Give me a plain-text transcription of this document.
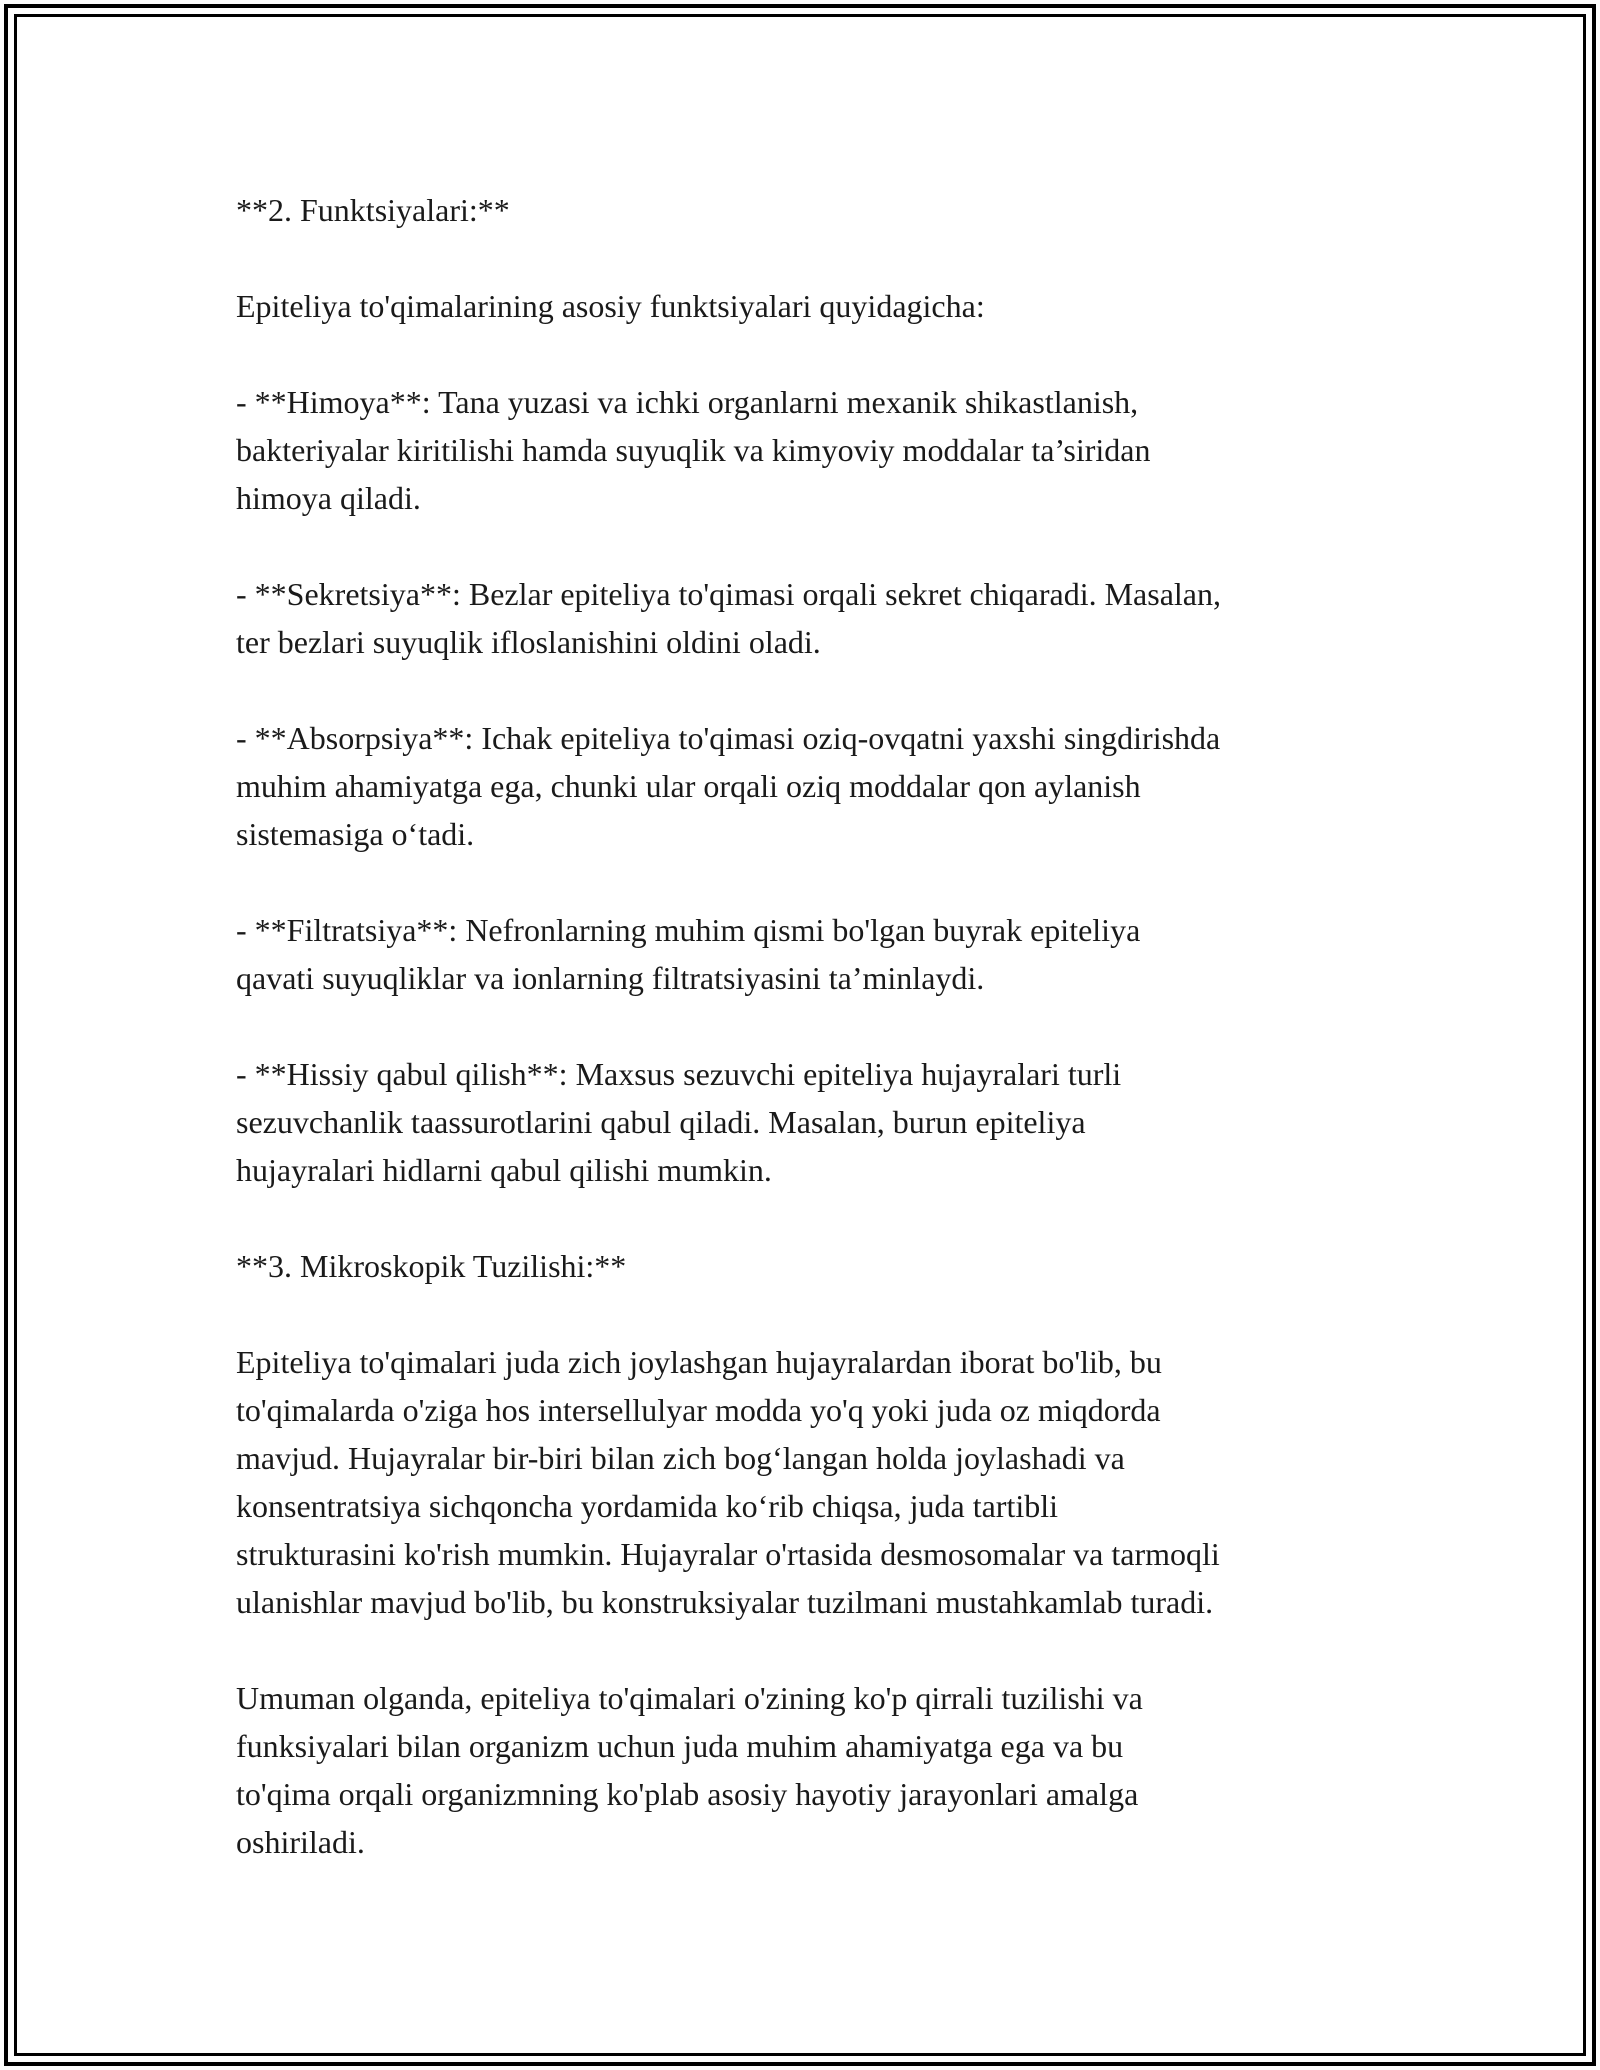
**2. Funktsiyalari:**

Epiteliya to'qimalarining asosiy funktsiyalari quyidagicha:

- **Himoya**: Tana yuzasi va ichki organlarni mexanik shikastlanish,
bakteriyalar kiritilishi hamda suyuqlik va kimyoviy moddalar ta’siridan
himoya qiladi.

- **Sekretsiya**: Bezlar epiteliya to'qimasi orqali sekret chiqaradi. Masalan,
ter bezlari suyuqlik ifloslanishini oldini oladi.

- **Absorpsiya**: Ichak epiteliya to'qimasi oziq-ovqatni yaxshi singdirishda
muhim ahamiyatga ega, chunki ular orqali oziq moddalar qon aylanish
sistemasiga o‘tadi.

- **Filtratsiya**: Nefronlarning muhim qismi bo'lgan buyrak epiteliya
qavati suyuqliklar va ionlarning filtratsiyasini ta’minlaydi.

- **Hissiy qabul qilish**: Maxsus sezuvchi epiteliya hujayralari turli
sezuvchanlik taassurotlarini qabul qiladi. Masalan, burun epiteliya
hujayralari hidlarni qabul qilishi mumkin.

**3. Mikroskopik Tuzilishi:**

Epiteliya to'qimalari juda zich joylashgan hujayralardan iborat bo'lib, bu
to'qimalarda o'ziga hos intersellulyar modda yo'q yoki juda oz miqdorda
mavjud. Hujayralar bir-biri bilan zich bog‘langan holda joylashadi va
konsentratsiya sichqoncha yordamida ko‘rib chiqsa, juda tartibli
strukturasini ko'rish mumkin. Hujayralar o'rtasida desmosomalar va tarmoqli
ulanishlar mavjud bo'lib, bu konstruksiyalar tuzilmani mustahkamlab turadi.

Umuman olganda, epiteliya to'qimalari o'zining ko'p qirrali tuzilishi va
funksiyalari bilan organizm uchun juda muhim ahamiyatga ega va bu
to'qima orqali organizmning ko'plab asosiy hayotiy jarayonlari amalga
oshiriladi.
